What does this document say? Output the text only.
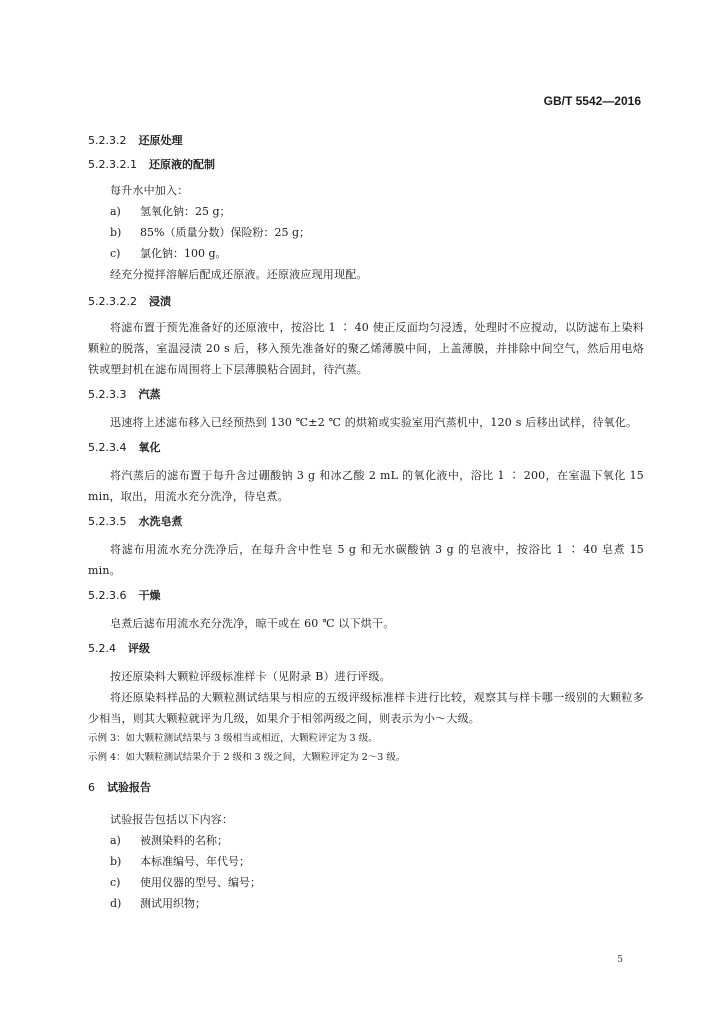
GB/T 5542—2016
5.2.3.2 还原处理
5.2.3.2.1 还原液的配制
每升水中加入：
a) 氢氧化钠：25 g；
b) 85%（质量分数）保险粉：25 g；
c) 氯化钠：100 g。
经充分搅拌溶解后配成还原液。还原液应现用现配。
5.2.3.2.2 浸渍
将滤布置于预先准备好的还原液中，按浴比 1 ∶ 40 使正反面均匀浸透，处理时不应搅动，以防滤布上染料颗粒的脱落，室温浸渍 20 s 后，移入预先准备好的聚乙烯薄膜中间，上盖薄膜，并排除中间空气，然后用电烙铁或塑封机在滤布周围将上下层薄膜粘合固封，待汽蒸。
5.2.3.3 汽蒸
迅速将上述滤布移入已经预热到 130 ℃±2 ℃ 的烘箱或实验室用汽蒸机中，120 s 后移出试样，待氧化。
5.2.3.4 氧化
将汽蒸后的滤布置于每升含过硼酸钠 3 g 和冰乙酸 2 mL 的氧化液中，浴比 1 ∶ 200，在室温下氧化 15 min，取出，用流水充分洗净，待皂煮。
5.2.3.5 水洗皂煮
将滤布用流水充分洗净后，在每升含中性皂 5 g 和无水碳酸钠 3 g 的皂液中，按浴比 1 ∶ 40 皂煮 15 min。
5.2.3.6 干燥
皂煮后滤布用流水充分洗净，晾干或在 60 ℃ 以下烘干。
5.2.4 评级
按还原染料大颗粒评级标准样卡（见附录 B）进行评级。
将还原染料样品的大颗粒测试结果与相应的五级评级标准样卡进行比较，观察其与样卡哪一级别的大颗粒多少相当，则其大颗粒就评为几级，如果介于相邻两级之间，则表示为小～大级。
示例 3：如大颗粒测试结果与 3 级相当或相近，大颗粒评定为 3 级。
示例 4：如大颗粒测试结果介于 2 级和 3 级之间，大颗粒评定为 2～3 级。
6 试验报告
试验报告包括以下内容：
a) 被测染料的名称；
b) 本标准编号、年代号；
c) 使用仪器的型号、编号；
d) 测试用织物；
5
